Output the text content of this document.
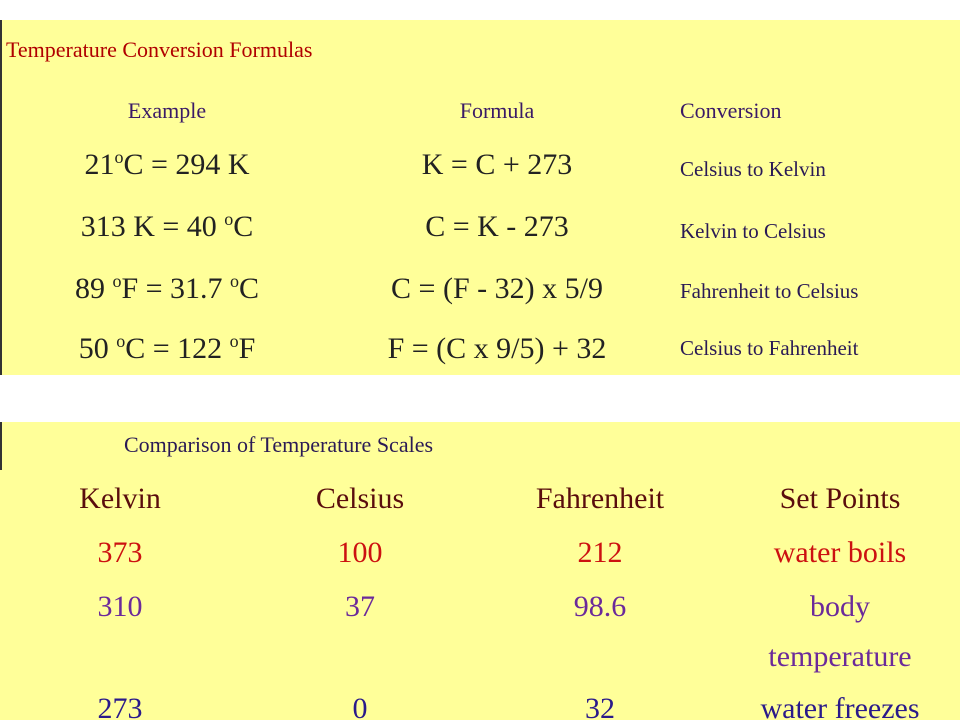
Temperature Conversion Formulas
Example	Formula	Conversion
$21^oC = 294$ K	K = C + 273	Celsius to Kelvin
313 K = 40 $^o$C	C = K - 273	Kelvin to Celsius
89 $^o$F = 31.7 $^o$C	C = (F - 32) x 5/9	Fahrenheit to Celsius
50 $^o$C = 122 $^o$F	F = (C x 9/5) + 32	Celsius to Fahrenheit
Comparison of Temperature Scales
Kelvin	Celsius	Fahrenheit	Set Points
373	100	212	water boils
310	37	98.6	body
temperature
273	0	32	water freezes
